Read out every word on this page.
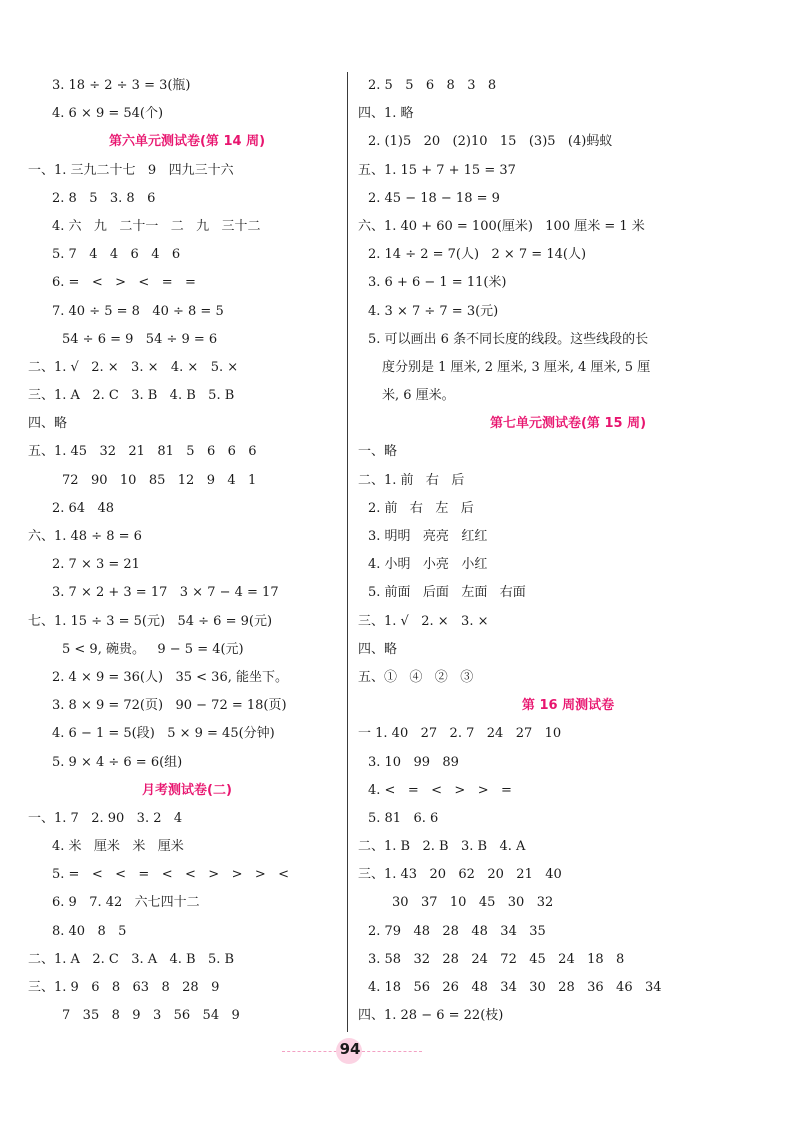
3. 18 ÷ 2 ÷ 3 = 3(瓶)
4. 6 × 9 = 54(个)
第六单元测试卷(第 14 周)
一、1. 三九二十七   9   四九三十六
2. 8   5   3. 8   6
4. 六   九   二十一   二   九   三十二
5. 7   4   4   6   4   6
6. =   <   >   <   =   =
7. 40 ÷ 5 = 8   40 ÷ 8 = 5
54 ÷ 6 = 9   54 ÷ 9 = 6
二、1. √   2. ×   3. ×   4. ×   5. ×
三、1. A   2. C   3. B   4. B   5. B
四、略
五、1. 45   32   21   81   5   6   6   6
72   90   10   85   12   9   4   1
2. 64   48
六、1. 48 ÷ 8 = 6
2. 7 × 3 = 21
3. 7 × 2 + 3 = 17   3 × 7 − 4 = 17
七、1. 15 ÷ 3 = 5(元)   54 ÷ 6 = 9(元)
5 < 9, 碗贵。   9 − 5 = 4(元)
2. 4 × 9 = 36(人)   35 < 36, 能坐下。
3. 8 × 9 = 72(页)   90 − 72 = 18(页)
4. 6 − 1 = 5(段)   5 × 9 = 45(分钟)
5. 9 × 4 ÷ 6 = 6(组)
月考测试卷(二)
一、1. 7   2. 90   3. 2   4
4. 米   厘米   米   厘米
5. =   <   <   =   <   <   >   >   >   <
6. 9   7. 42   六七四十二
8. 40   8   5
二、1. A   2. C   3. A   4. B   5. B
三、1. 9   6   8   63   8   28   9
7   35   8   9   3   56   54   9
2. 5   5   6   8   3   8
四、1. 略
2. (1)5   20   (2)10   15   (3)5   (4)蚂蚁
五、1. 15 + 7 + 15 = 37
2. 45 − 18 − 18 = 9
六、1. 40 + 60 = 100(厘米)   100 厘米 = 1 米
2. 14 ÷ 2 = 7(人)   2 × 7 = 14(人)
3. 6 + 6 − 1 = 11(米)
4. 3 × 7 ÷ 7 = 3(元)
5. 可以画出 6 条不同长度的线段。这些线段的长
度分别是 1 厘米, 2 厘米, 3 厘米, 4 厘米, 5 厘
米, 6 厘米。
第七单元测试卷(第 15 周)
一、略
二、1. 前   右   后
2. 前   右   左   后
3. 明明   亮亮   红红
4. 小明   小亮   小红
5. 前面   后面   左面   右面
三、1. √   2. ×   3. ×
四、略
五、①   ④   ②   ③
第 16 周测试卷
一 1. 40   27   2. 7   24   27   10
3. 10   99   89
4. <   =   <   >   >   =
5. 81   6. 6
二、1. B   2. B   3. B   4. A
三、1. 43   20   62   20   21   40
30   37   10   45   30   32
2. 79   48   28   48   34   35
3. 58   32   28   24   72   45   24   18   8
4. 18   56   26   48   34   30   28   36   46   34
四、1. 28 − 6 = 22(枝)
94
